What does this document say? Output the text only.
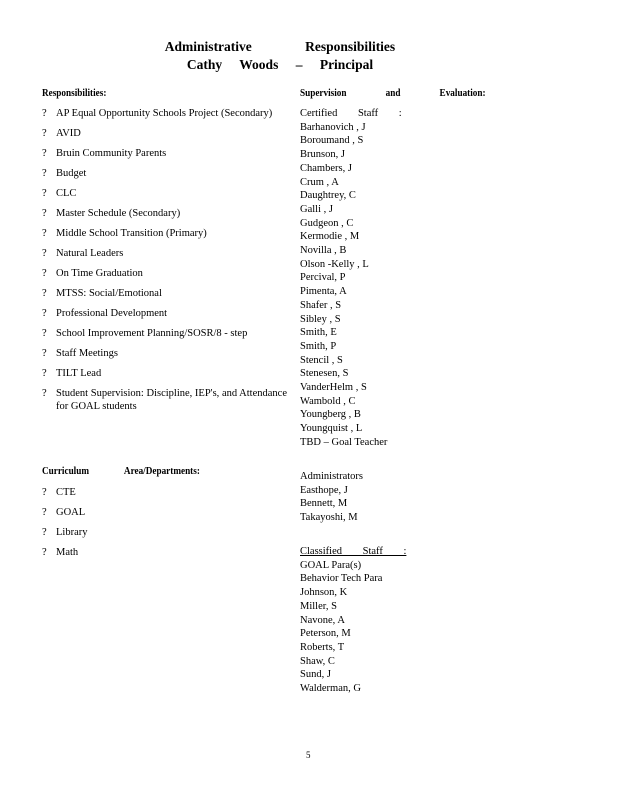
Administrative Responsibilities
Cathy Woods – Principal
Responsibilities:
? AP Equal Opportunity Schools Project (Secondary)
? AVID
? Bruin Community Parents
? Budget
? CLC
? Master Schedule (Secondary)
? Middle School Transition (Primary)
? Natural Leaders
? On Time Graduation
? MTSS: Social/Emotional
? Professional Development
? School Improvement Planning/SOSR/8 - step
? Staff Meetings
? TILT Lead
? Student Supervision: Discipline, IEP's, and Attendance for GOAL students
Curriculum Area/Departments:
? CTE
? GOAL
? Library
? Math
Supervision and Evaluation:
Certified Staff :
Barhanovich , J
Boroumand , S
Brunson, J
Chambers, J
Crum , A
Daughtrey, C
Galli , J
Gudgeon , C
Kermodie , M
Novilla , B
Olson -Kelly , L
Percival, P
Pimenta, A
Shafer , S
Sibley , S
Smith, E
Smith, P
Stencil , S
Stenesen, S
VanderHelm , S
Wambold , C
Youngberg , B
Youngquist , L
TBD – Goal Teacher
Administrators
Easthope, J
Bennett, M
Takayoshi, M
Classified Staff :
GOAL Para(s)
Behavior Tech Para
Johnson, K
Miller, S
Navone, A
Peterson, M
Roberts, T
Shaw, C
Sund, J
Walderman, G
5
